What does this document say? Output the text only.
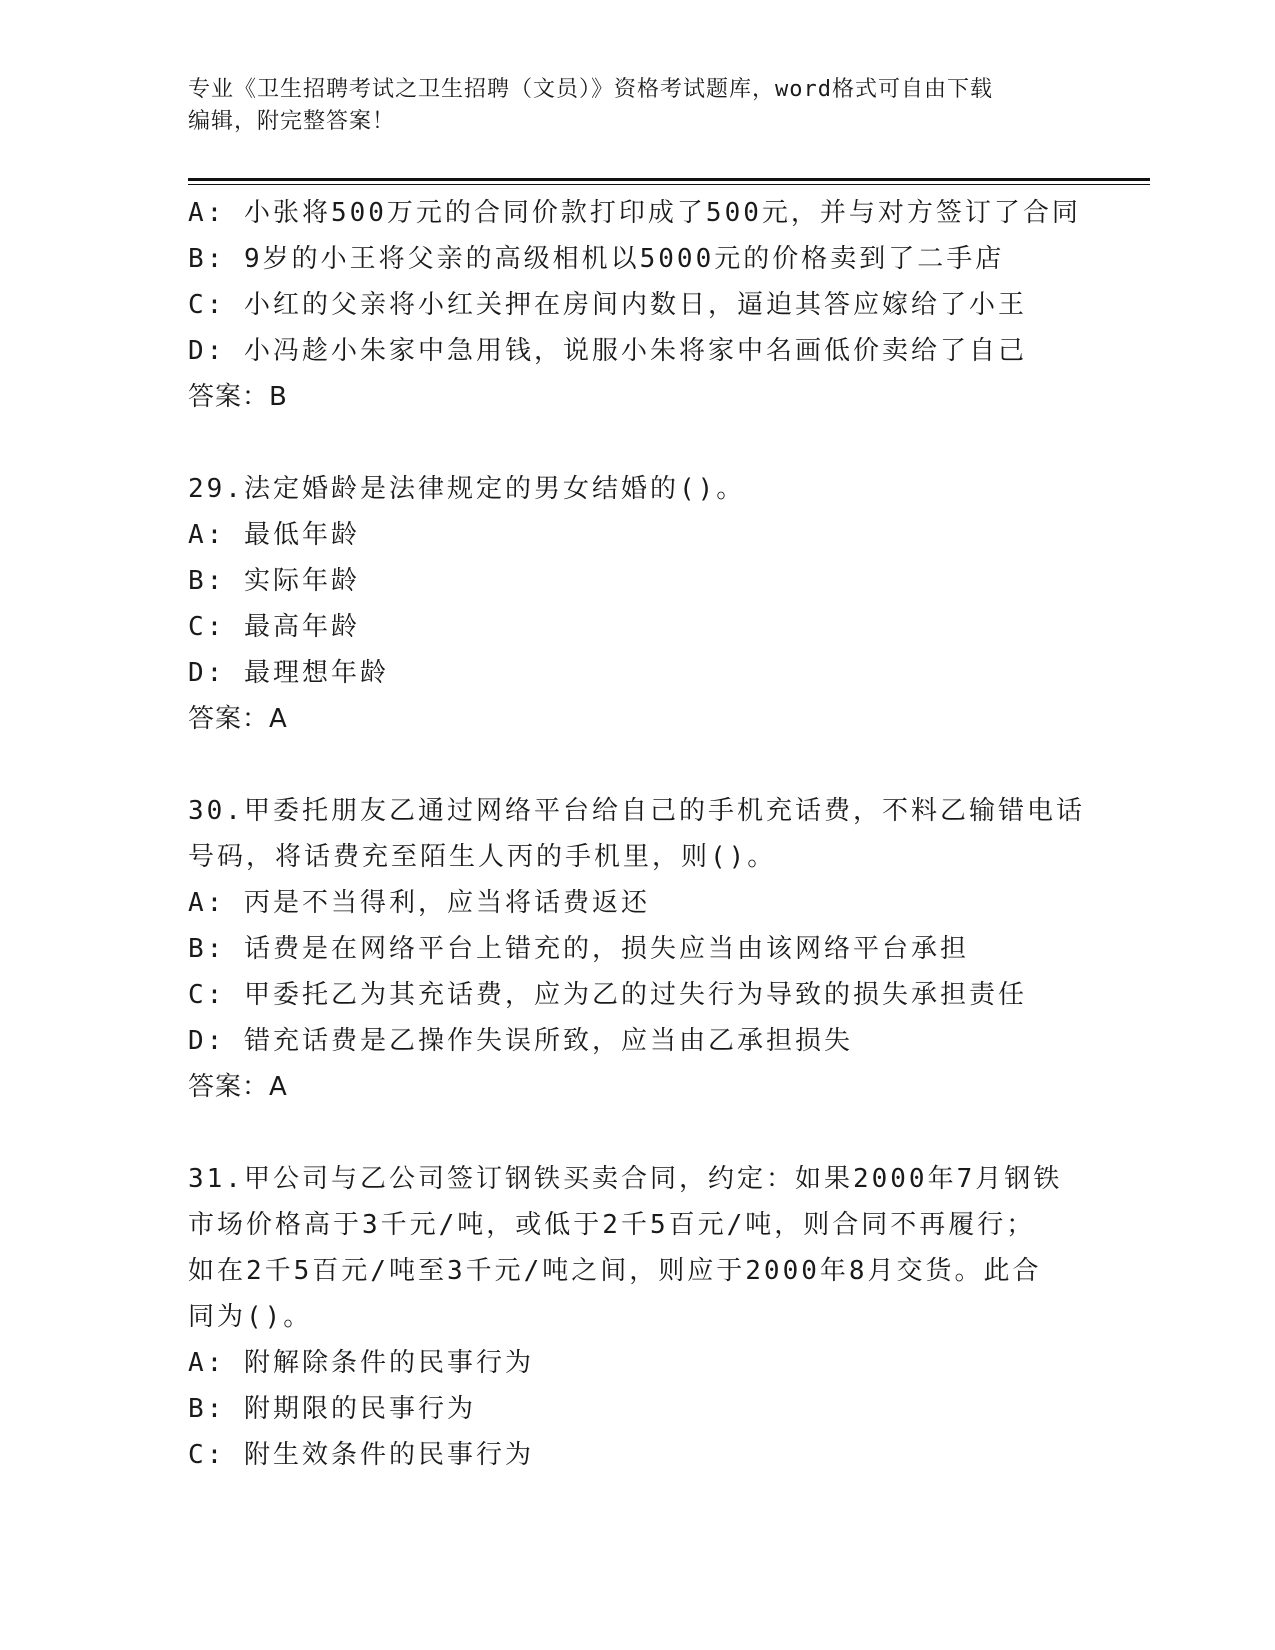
专业《卫生招聘考试之卫生招聘（文员）》资格考试题库，word格式可自由下载
编辑，附完整答案！
A: 小张将500万元的合同价款打印成了500元，并与对方签订了合同
B: 9岁的小王将父亲的高级相机以5000元的价格卖到了二手店
C: 小红的父亲将小红关押在房间内数日，逼迫其答应嫁给了小王
D: 小冯趁小朱家中急用钱，说服小朱将家中名画低价卖给了自己
答案：B
29.法定婚龄是法律规定的男女结婚的()。
A: 最低年龄
B: 实际年龄
C: 最高年龄
D: 最理想年龄
答案：A
30.甲委托朋友乙通过网络平台给自己的手机充话费，不料乙输错电话
号码，将话费充至陌生人丙的手机里，则()。
A: 丙是不当得利，应当将话费返还
B: 话费是在网络平台上错充的，损失应当由该网络平台承担
C: 甲委托乙为其充话费，应为乙的过失行为导致的损失承担责任
D: 错充话费是乙操作失误所致，应当由乙承担损失
答案：A
31.甲公司与乙公司签订钢铁买卖合同，约定：如果2000年7月钢铁
市场价格高于3千元/吨，或低于2千5百元/吨，则合同不再履行；
如在2千5百元/吨至3千元/吨之间，则应于2000年8月交货。此合
同为()。
A: 附解除条件的民事行为
B: 附期限的民事行为
C: 附生效条件的民事行为
